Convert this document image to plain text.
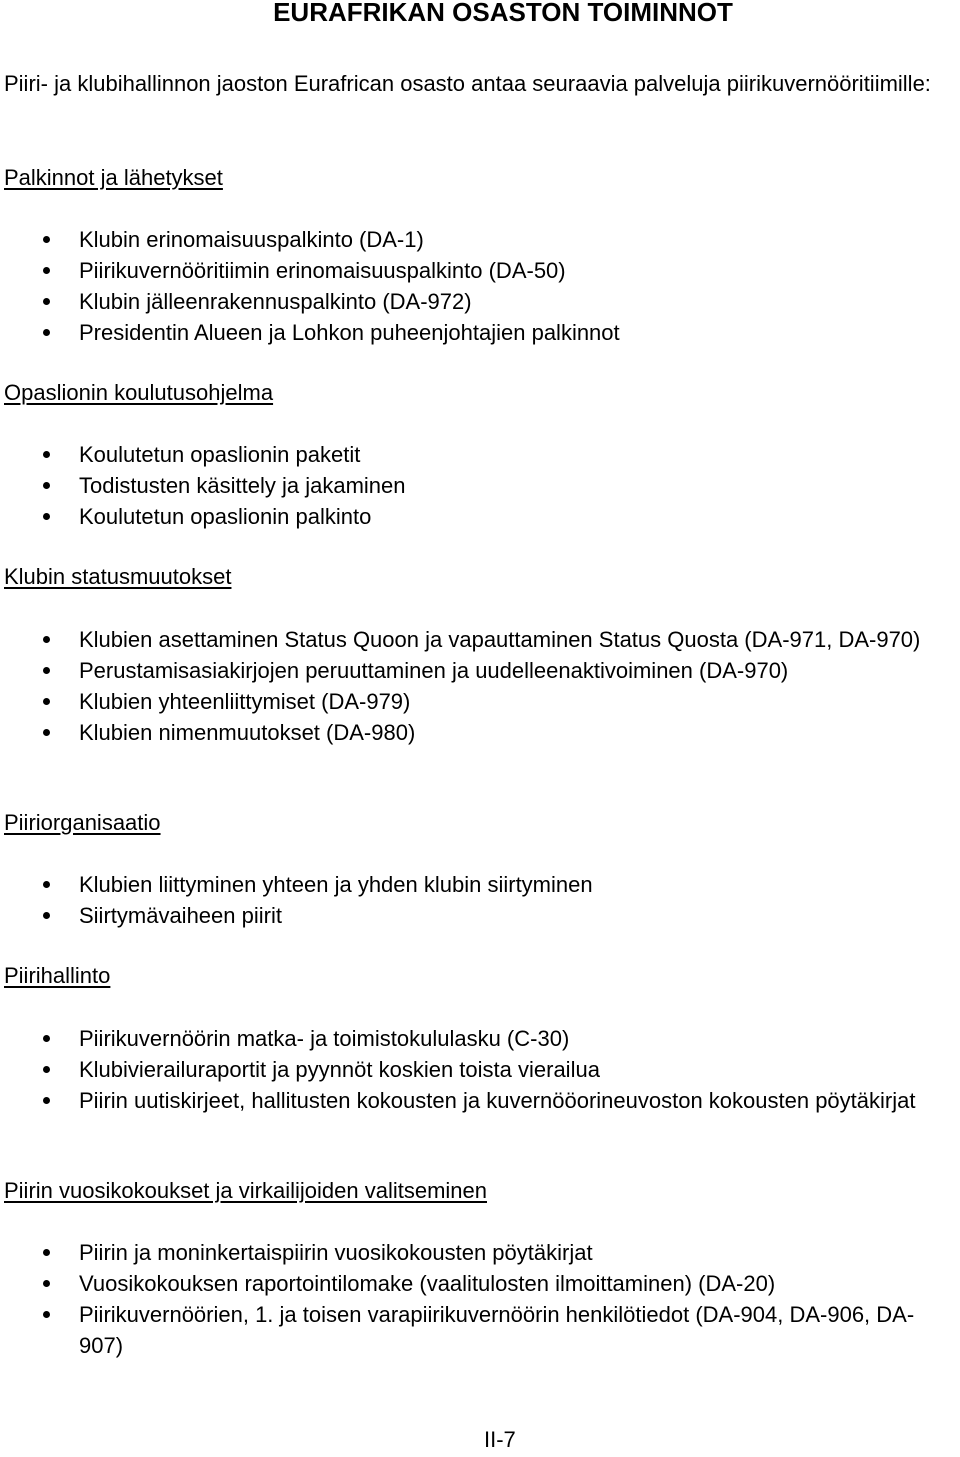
EURAFRIKAN OSASTON TOIMINNOT

Piiri- ja klubihallinnon jaoston Eurafrican osasto antaa seuraavia palveluja piirikuvernööritiimille:

Palkinnot ja lähetykset
Klubin erinomaisuuspalkinto (DA-1)
Piirikuvernööritiimin erinomaisuuspalkinto (DA-50)
Klubin jälleenrakennuspalkinto (DA-972)
Presidentin Alueen ja Lohkon puheenjohtajien palkinnot
Opaslionin koulutusohjelma
Koulutetun opaslionin paketit
Todistusten käsittely ja jakaminen
Koulutetun opaslionin palkinto
Klubin statusmuutokset
Klubien asettaminen Status Quoon ja vapauttaminen Status Quosta (DA-971, DA-970)
Perustamisasiakirjojen peruuttaminen ja uudelleenaktivoiminen (DA-970)
Klubien yhteenliittymiset (DA-979)
Klubien nimenmuutokset (DA-980)
Piiriorganisaatio
Klubien liittyminen yhteen ja yhden klubin siirtyminen
Siirtymävaiheen piirit
Piirihallinto
Piirikuvernöörin matka- ja toimistokululasku (C-30)
Klubivierailuraportit ja pyynnöt koskien toista vierailua
Piirin uutiskirjeet, hallitusten kokousten ja kuvernööorineuvoston kokousten pöytäkirjat
Piirin vuosikokoukset ja virkailijoiden valitseminen
Piirin ja moninkertaispiirin vuosikokousten pöytäkirjat
Vuosikokouksen raportointilomake (vaalitulosten ilmoittaminen) (DA-20)
Piirikuvernöörien, 1. ja toisen varapiirikuvernöörin henkilötiedot (DA-904, DA-906, DA-907)
II-7
